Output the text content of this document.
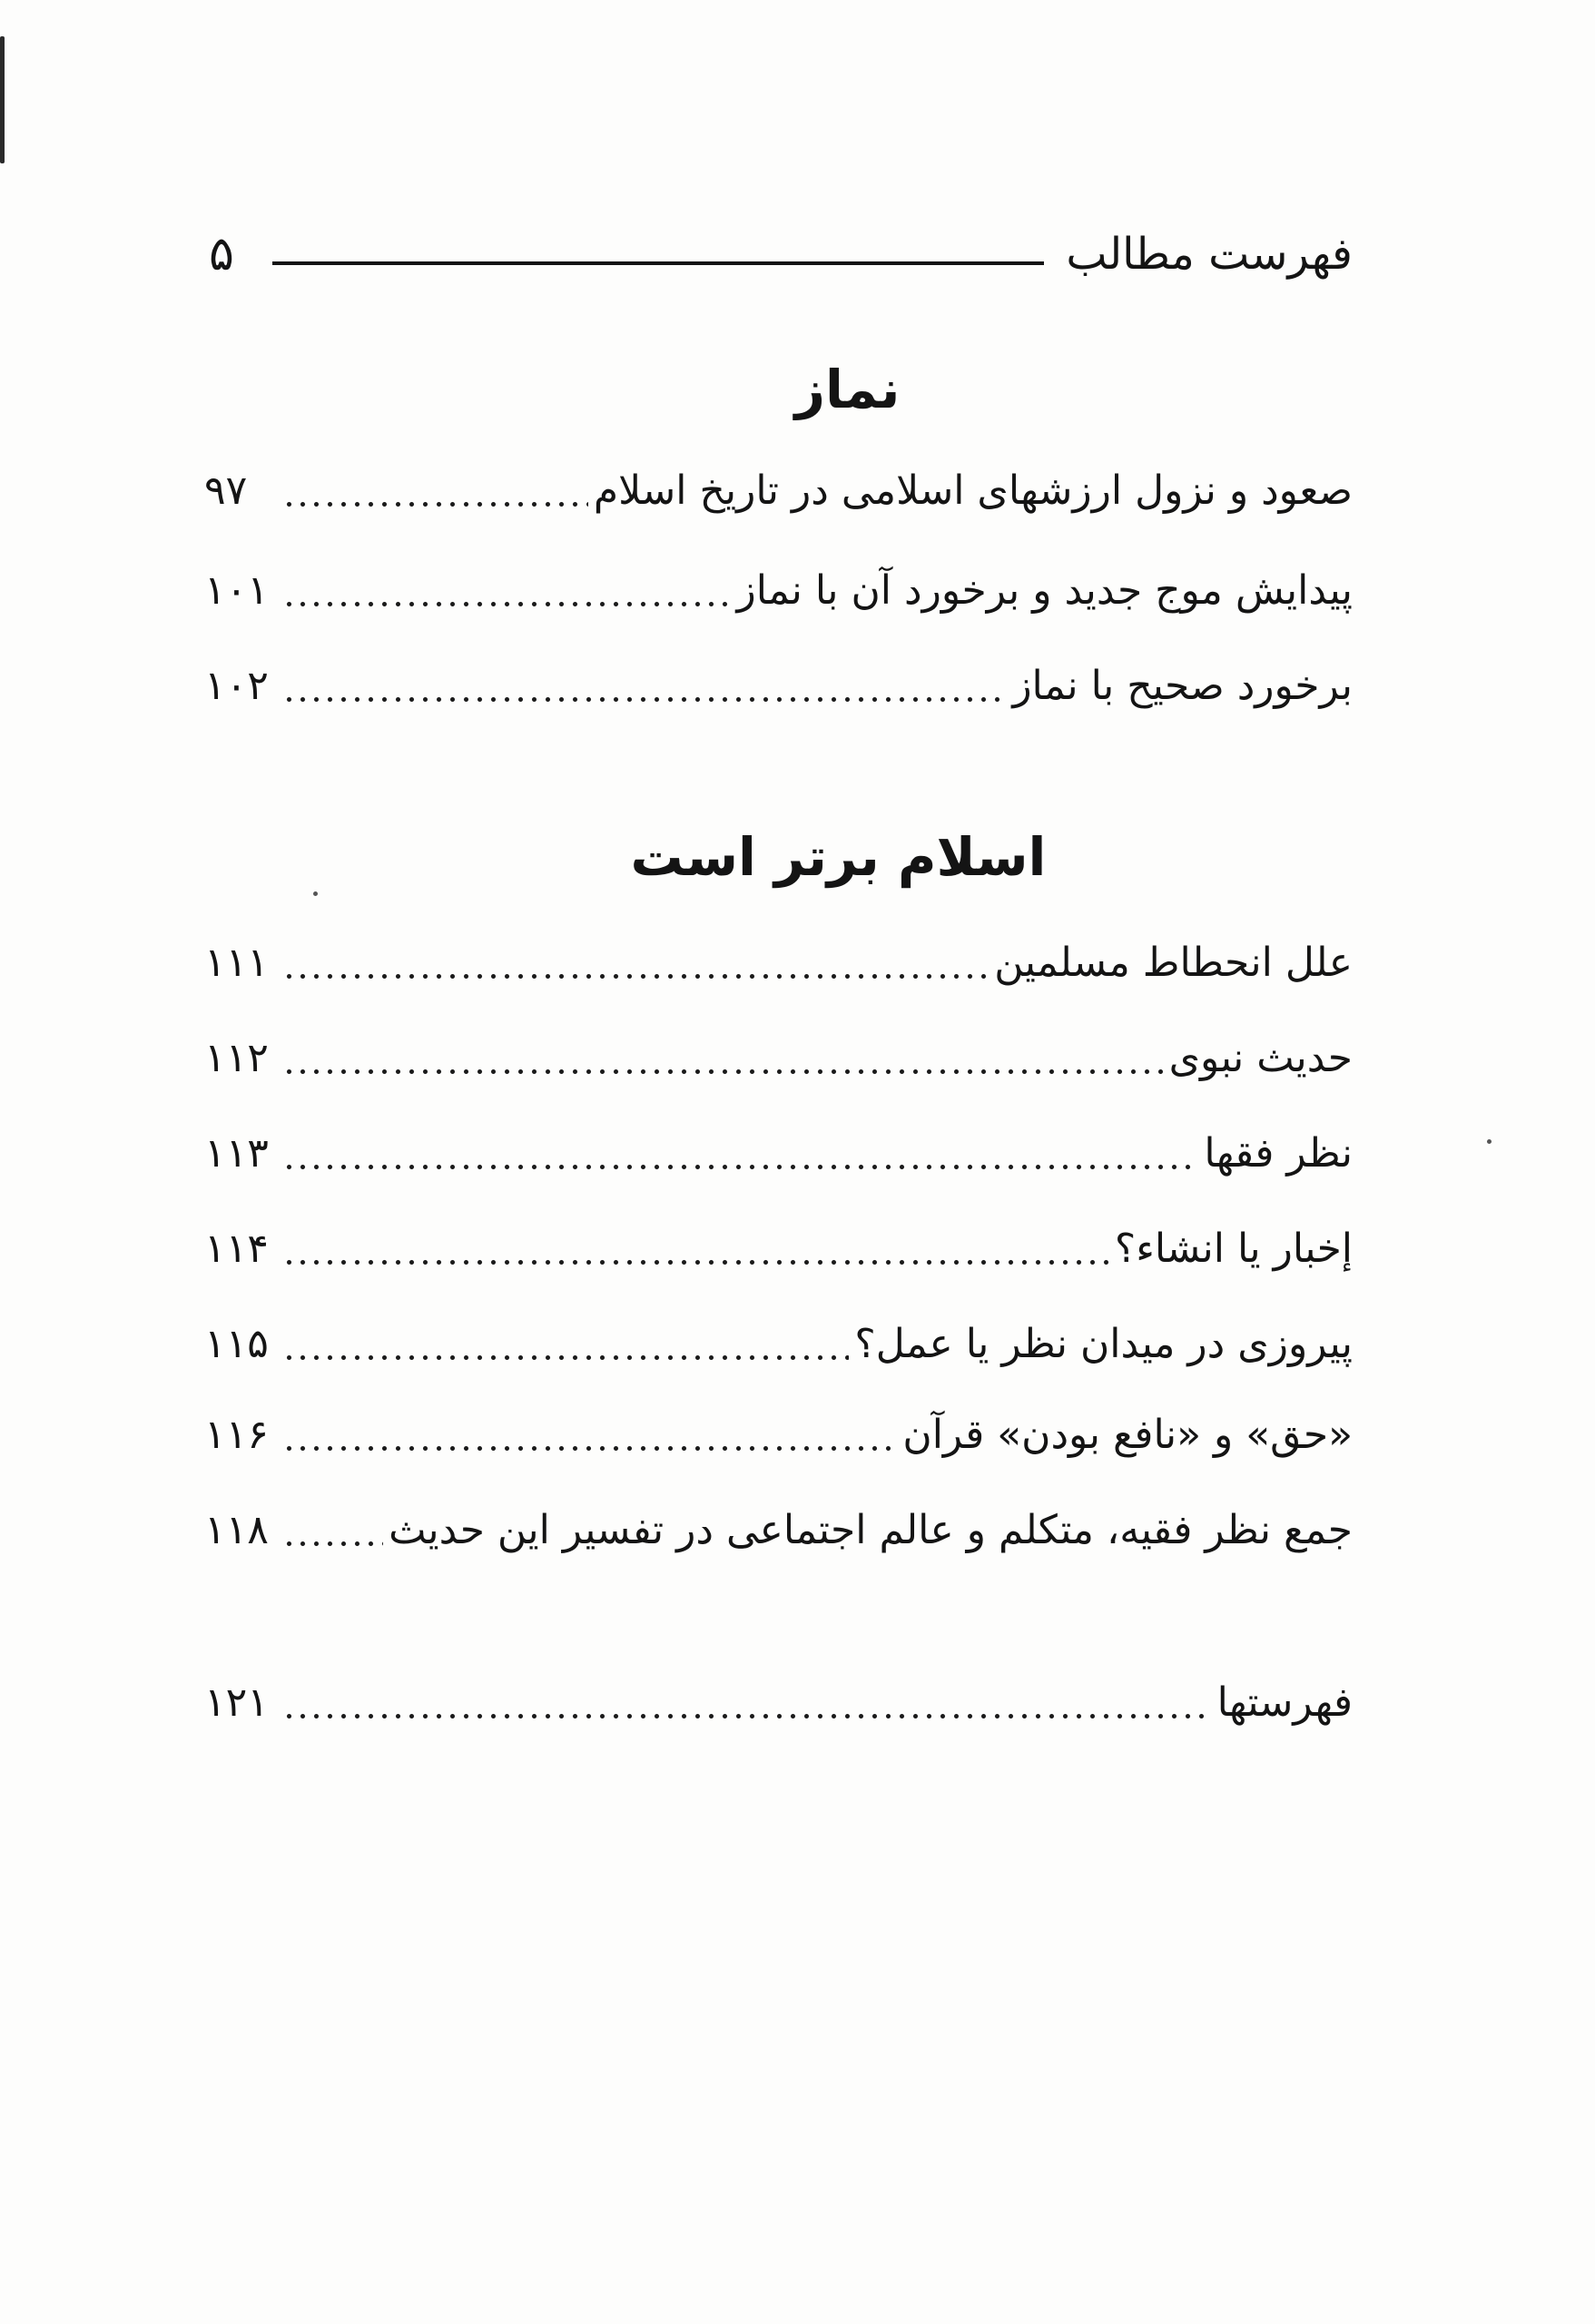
فهرست مطالب
۵
نماز
صعود و نزول ارزشهای اسلامی در تاریخ اسلام
۹۷
پیدایش موج جدید و برخورد آن با نماز
۱۰۱
برخورد صحیح با نماز
۱۰۲
اسلام برتر است
علل انحطاط مسلمین
۱۱۱
حدیث نبوی
۱۱۲
نظر فقها
۱۱۳
إخبار یا انشاء؟
۱۱۴
پیروزی در میدان نظر یا عمل؟
۱۱۵
«حق» و «نافع بودن» قرآن
۱۱۶
جمع نظر فقیه، متکلم و عالم اجتماعی در تفسیر این حدیث
۱۱۸
فهرستها
۱۲۱
